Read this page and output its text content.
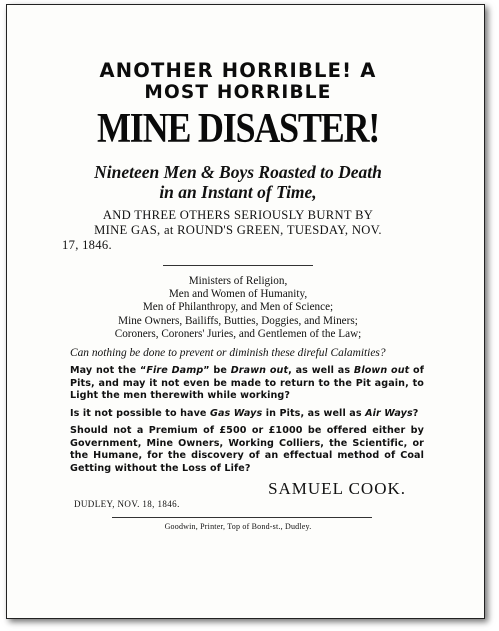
ANOTHER HORRIBLE! A
MOST HORRIBLE
MINE DISASTER!
Nineteen Men & Boys Roasted to Death
in an Instant of Time,
AND THREE OTHERS SERIOUSLY BURNT BY
MINE GAS, at ROUND'S GREEN, TUESDAY, NOV.
17, 1846.
Ministers of Religion,
Men and Women of Humanity,
Men of Philanthropy, and Men of Science;
Mine Owners, Bailiffs, Butties, Doggies, and Miners;
Coroners, Coroners' Juries, and Gentlemen of the Law;
Can nothing be done to prevent or diminish these direful Calamities?
May not the “Fire Damp” be Drawn out, as well as Blown out of Pits, and may it not even be made to return to the Pit again, to Light the men therewith while working?
Is it not possible to have Gas Ways in Pits, as well as Air Ways?
Should not a Premium of £500 or £1000 be offered either by Government, Mine Owners, Working Colliers, the Scientific, or the Humane, for the discovery of an effectual method of Coal Getting without the Loss of Life?
SAMUEL COOK.
DUDLEY, NOV. 18, 1846.
Goodwin, Printer, Top of Bond-st., Dudley.
